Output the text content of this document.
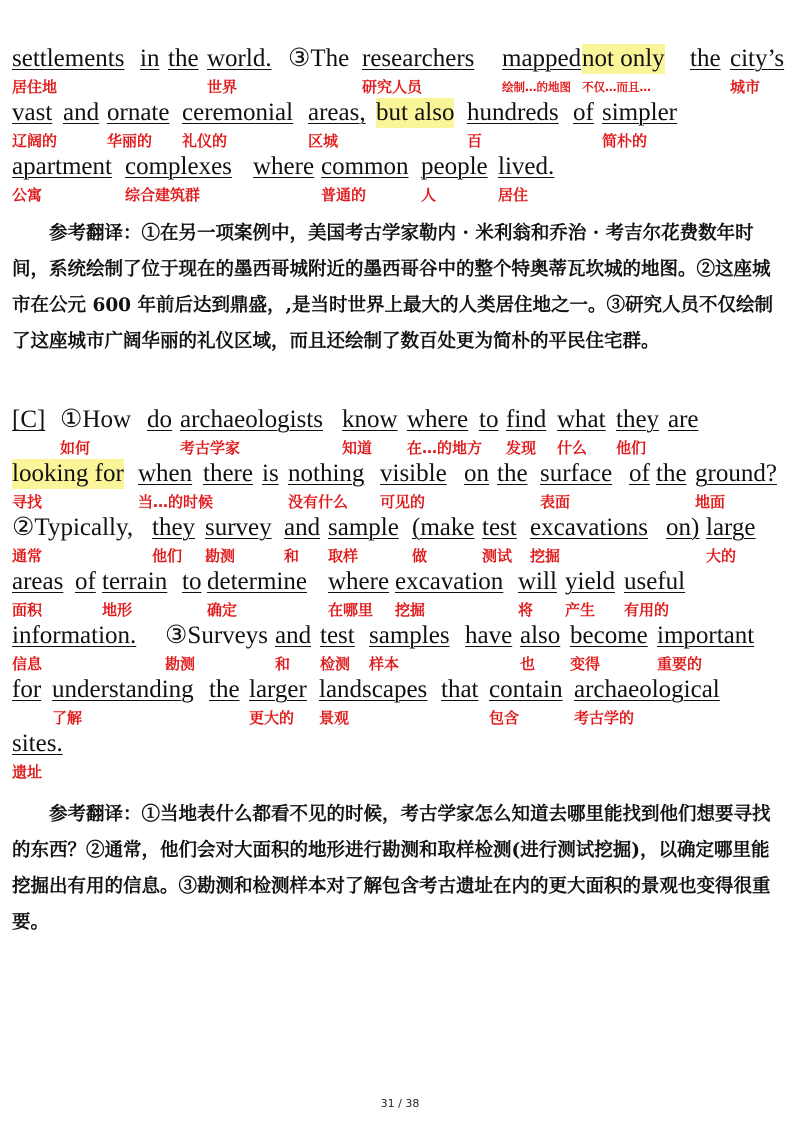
settlements
居住地
in the world.
世界
③The researchers
研究人员
mapped
绘制…的地图
not only
不仅…而且…
the city’s
城市
vast
辽阔的
and ornate
华丽的
ceremonial
礼仪的
areas,
区城
but also hundreds
百
of simpler
简朴的
apartment
公寓
complexes
综合建筑群
where common
普通的
people
人
lived.
居住
[C] ①How
如何
do archaeologists
考古学家
know
知道
where
在…的地方
to find
发现
what
什么
they
他们
are
looking for
寻找
when
当…的时候
there is nothing
没有什么
visible
可见的
on the surface
表面
of the ground?
地面
②Typically,
通常
they
他们
survey
勘测
and
和
sample
取样
(make
做
test
测试
excavations
挖掘
on) large
大的
areas
面积
of terrain
地形
to determine
确定
where
在哪里
excavation
挖掘
will
将
yield
产生
useful
有用的
information.
信息
③Surveys
勘测
and
和
test
检测
samples
样本
have also
也
become
变得
important
重要的
for understanding
了解
the larger
更大的
landscapes
景观
that contain
包含
archaeological
考古学的
sites.
遗址

参考翻译：①在另一项案例中，美国考古学家勒内 · 米利翁和乔治 · 考吉尔花费数年时间，系统绘制了位于现在的墨西哥城附近的墨西哥谷中的整个特奥蒂瓦坎城的地图。②这座城市在公元 600 年前后达到鼎盛，,是当时世界上最大的人类居住地之一。③研究人员不仅绘制了这座城市广阔华丽的礼仪区域，而且还绘制了数百处更为简朴的平民住宅群。

参考翻译：①当地表什么都看不见的时候，考古学家怎么知道去哪里能找到他们想要寻找的东西？②通常，他们会对大面积的地形进行勘测和取样检测(进行测试挖掘)，以确定哪里能挖掘出有用的信息。③勘测和检测样本对了解包含考古遗址在内的更大面积的景观也变得很重要。

31 / 38
